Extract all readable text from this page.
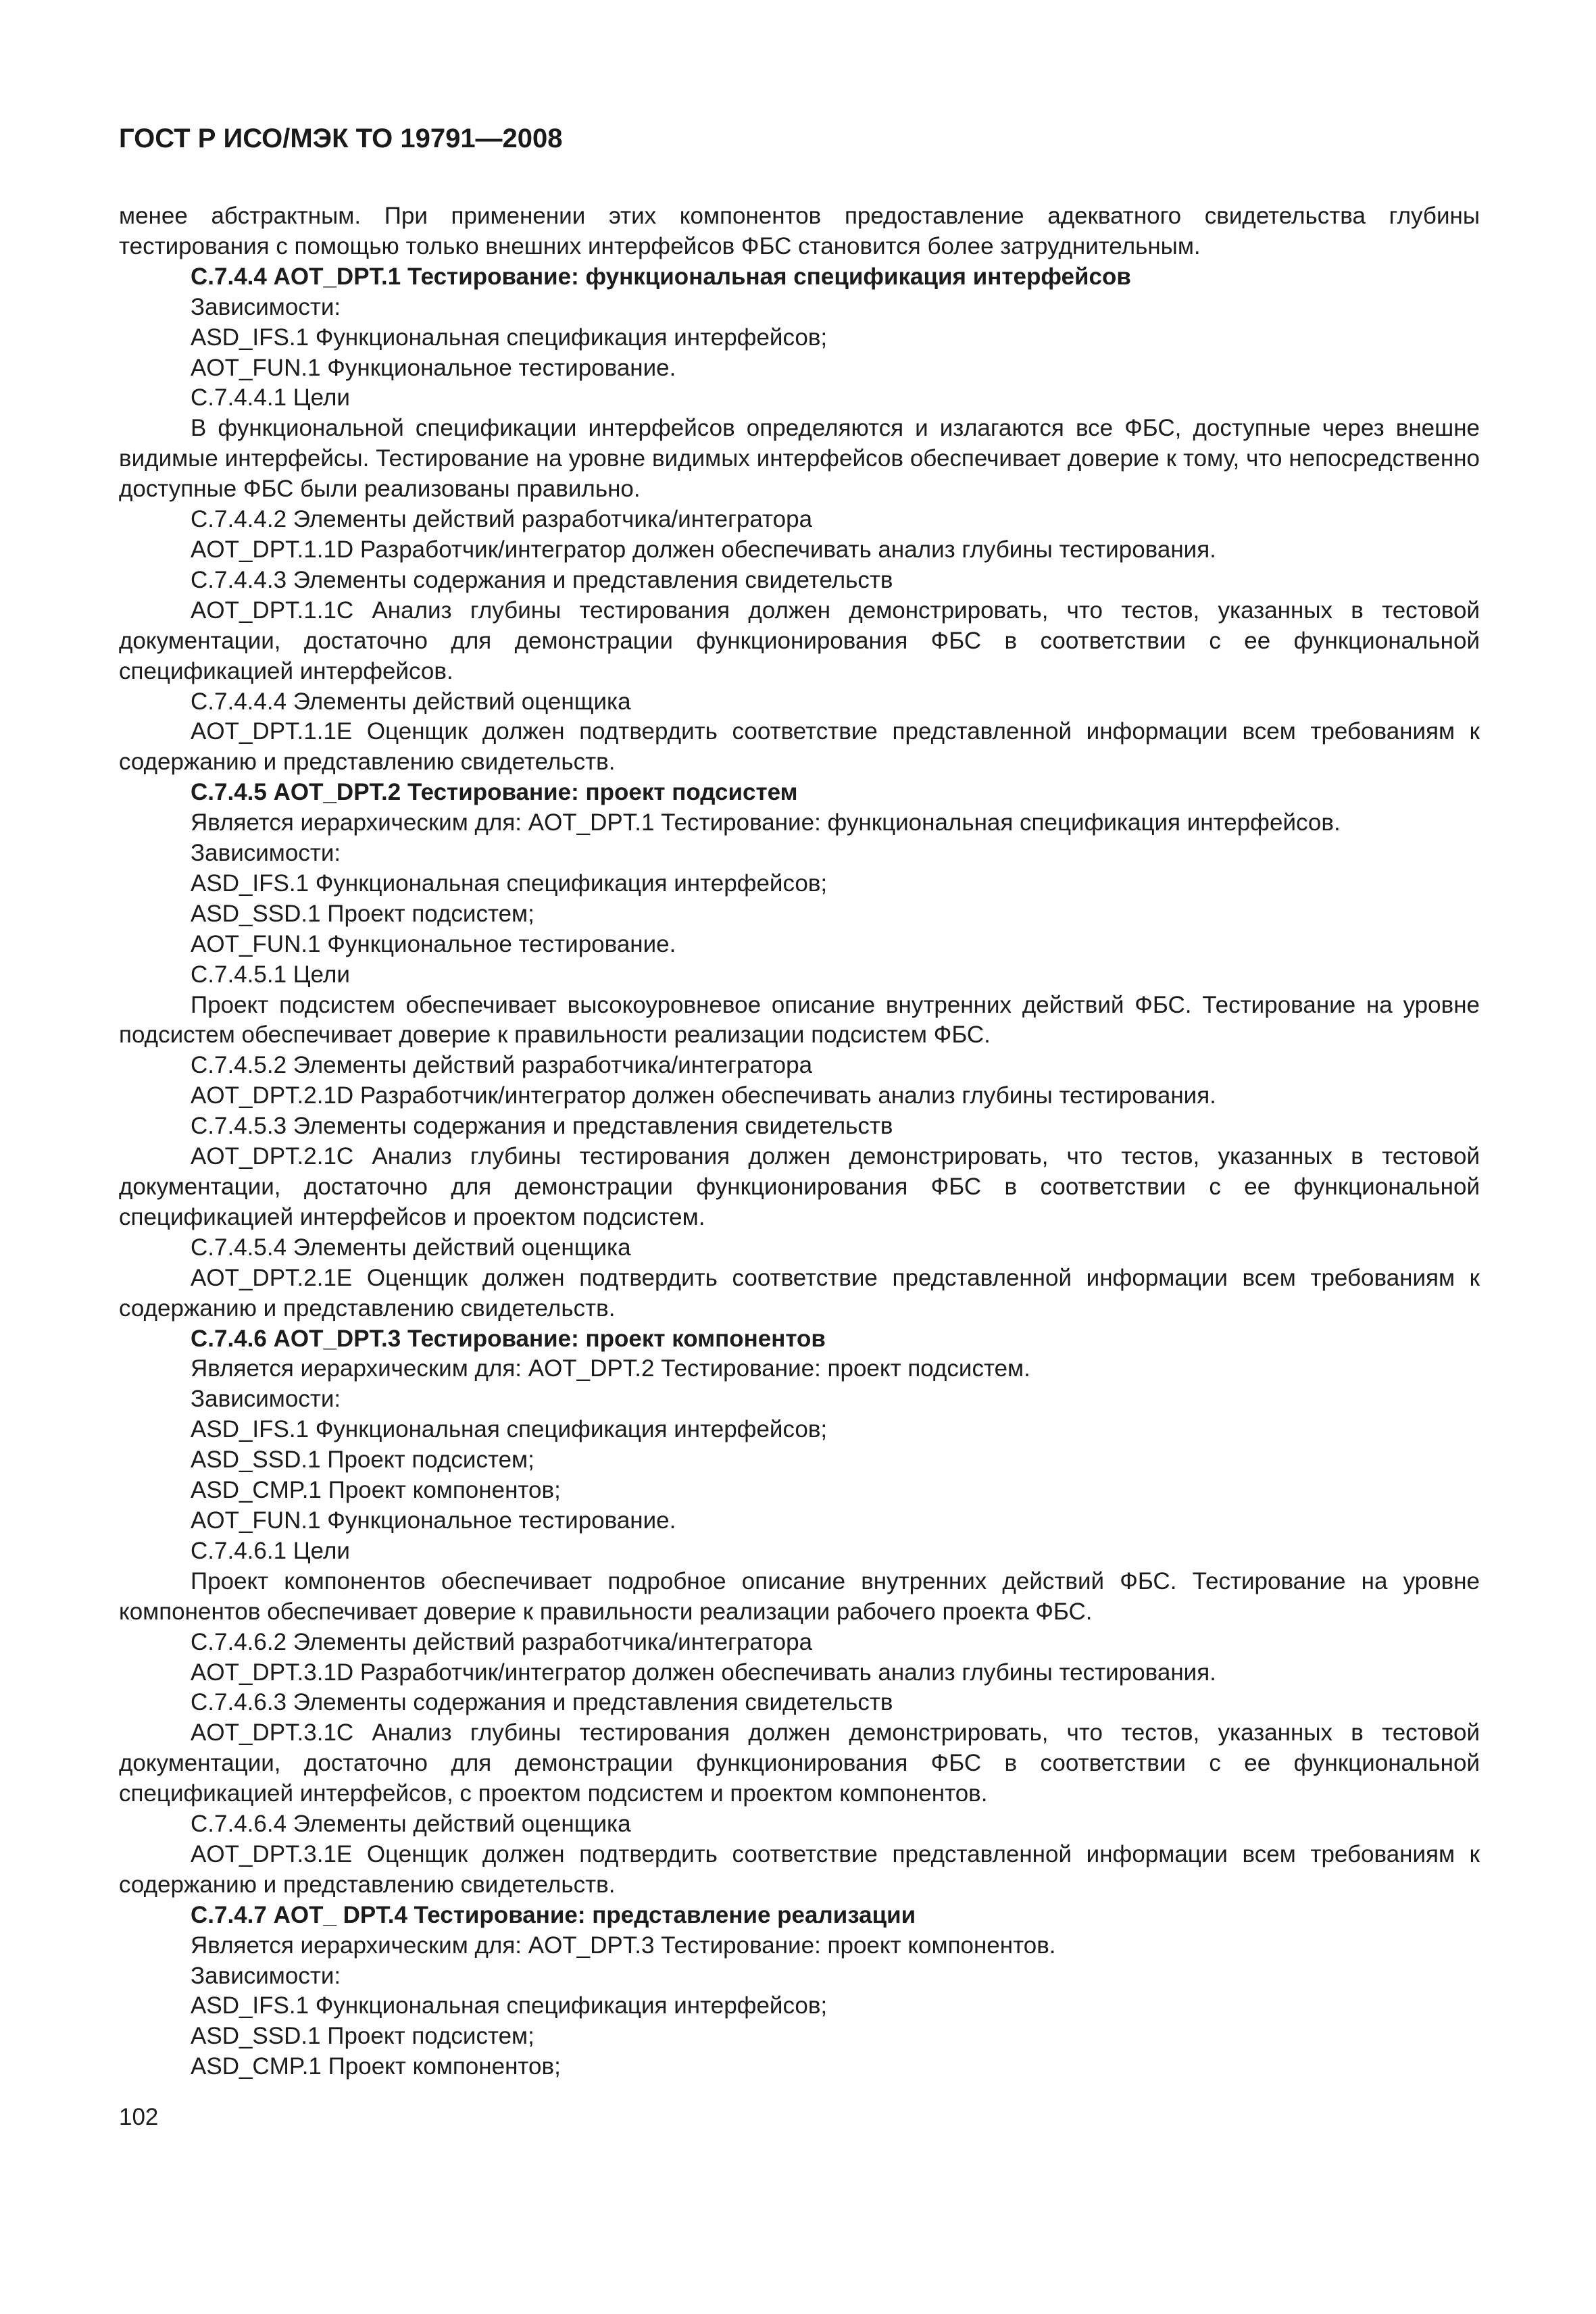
ГОСТ Р ИСО/МЭК ТО 19791—2008

менее абстрактным. При применении этих компонентов предоставление адекватного свидетельства глубины тестирования с помощью только внешних интерфейсов ФБС становится более затруднительным.

С.7.4.4 AOT_DPT.1 Тестирование: функциональная спецификация интерфейсов

Зависимости:

ASD_IFS.1 Функциональная спецификация интерфейсов;

AOT_FUN.1 Функциональное тестирование.

С.7.4.4.1 Цели

В функциональной спецификации интерфейсов определяются и излагаются все ФБС, доступные через внешне видимые интерфейсы. Тестирование на уровне видимых интерфейсов обеспечивает доверие к тому, что непосредственно доступные ФБС были реализованы правильно.

С.7.4.4.2 Элементы действий разработчика/интегратора

AOT_DPT.1.1D Разработчик/интегратор должен обеспечивать анализ глубины тестирования.

С.7.4.4.3 Элементы содержания и представления свидетельств

AOT_DPT.1.1С Анализ глубины тестирования должен демонстрировать, что тестов, указанных в тестовой документации, достаточно для демонстрации функционирования ФБС в соответствии с ее функциональной спецификацией интерфейсов.

С.7.4.4.4 Элементы действий оценщика

AOT_DPT.1.1E Оценщик должен подтвердить соответствие представленной информации всем требованиям к содержанию и представлению свидетельств.

С.7.4.5 AOT_DPT.2 Тестирование: проект подсистем

Является иерархическим для: AOT_DPT.1 Тестирование: функциональная спецификация интерфейсов.

Зависимости:

ASD_IFS.1 Функциональная спецификация интерфейсов;

ASD_SSD.1 Проект подсистем;

AOT_FUN.1 Функциональное тестирование.

С.7.4.5.1 Цели

Проект подсистем обеспечивает высокоуровневое описание внутренних действий ФБС. Тестирование на уровне подсистем обеспечивает доверие к правильности реализации подсистем ФБС.

С.7.4.5.2 Элементы действий разработчика/интегратора

AOT_DPT.2.1D Разработчик/интегратор должен обеспечивать анализ глубины тестирования.

С.7.4.5.3 Элементы содержания и представления свидетельств

AOT_DPT.2.1С Анализ глубины тестирования должен демонстрировать, что тестов, указанных в тестовой документации, достаточно для демонстрации функционирования ФБС в соответствии с ее функциональной спецификацией интерфейсов и проектом подсистем.

С.7.4.5.4 Элементы действий оценщика

AOT_DPT.2.1E Оценщик должен подтвердить соответствие представленной информации всем требованиям к содержанию и представлению свидетельств.

С.7.4.6 AOT_DPT.3 Тестирование: проект компонентов

Является иерархическим для: AOT_DPT.2 Тестирование: проект подсистем.

Зависимости:

ASD_IFS.1 Функциональная спецификация интерфейсов;

ASD_SSD.1 Проект подсистем;

ASD_CMP.1 Проект компонентов;

AOT_FUN.1 Функциональное тестирование.

С.7.4.6.1 Цели

Проект компонентов обеспечивает подробное описание внутренних действий ФБС. Тестирование на уровне компонентов обеспечивает доверие к правильности реализации рабочего проекта ФБС.

С.7.4.6.2 Элементы действий разработчика/интегратора

AOT_DPT.3.1D Разработчик/интегратор должен обеспечивать анализ глубины тестирования.

С.7.4.6.3 Элементы содержания и представления свидетельств

AOT_DPT.3.1С Анализ глубины тестирования должен демонстрировать, что тестов, указанных в тестовой документации, достаточно для демонстрации функционирования ФБС в соответствии с ее функциональной спецификацией интерфейсов, с проектом подсистем и проектом компонентов.

С.7.4.6.4 Элементы действий оценщика

AOT_DPT.3.1E Оценщик должен подтвердить соответствие представленной информации всем требованиям к содержанию и представлению свидетельств.

С.7.4.7 AOT_ DPT.4 Тестирование: представление реализации

Является иерархическим для: AOT_DPT.3 Тестирование: проект компонентов.

Зависимости:

ASD_IFS.1 Функциональная спецификация интерфейсов;

ASD_SSD.1 Проект подсистем;

ASD_CMP.1 Проект компонентов;

102
